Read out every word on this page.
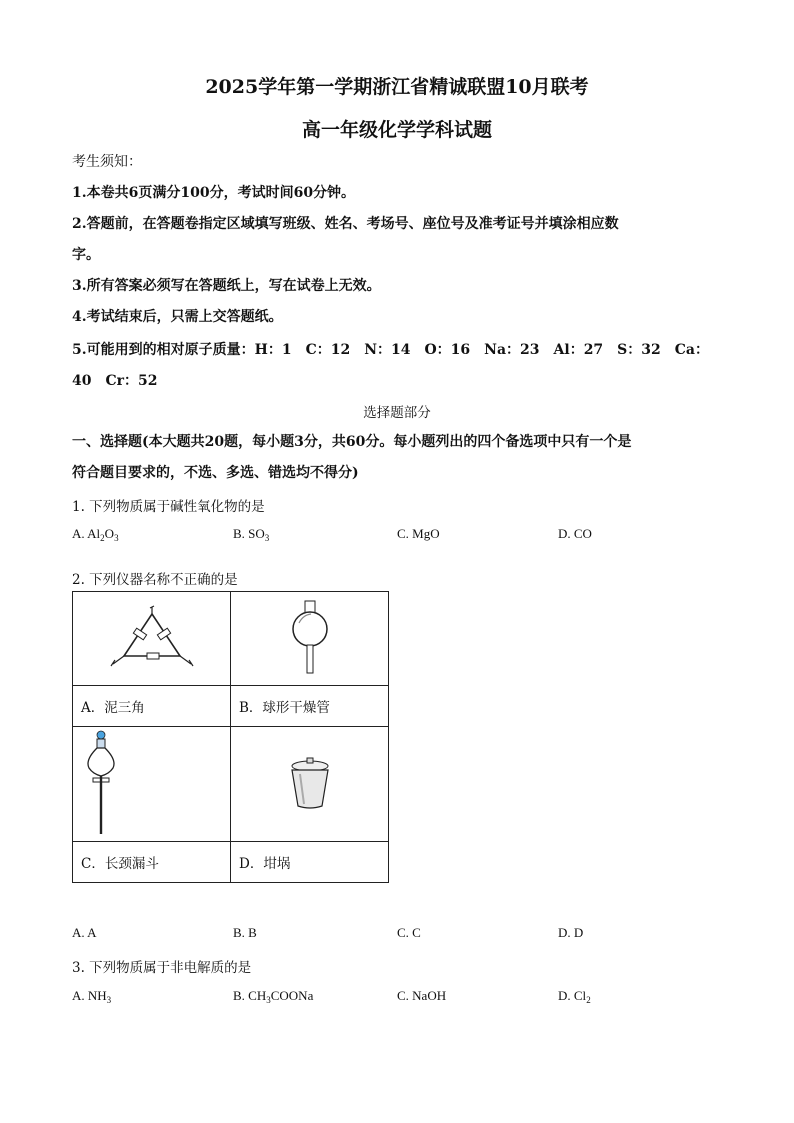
2025学年第一学期浙江省精诚联盟10月联考
高一年级化学学科试题
考生须知：
1.本卷共6页满分100分，考试时间60分钟。
2.答题前，在答题卷指定区域填写班级、姓名、考场号、座位号及准考证号并填涂相应数
字。
3.所有答案必须写在答题纸上，写在试卷上无效。
4.考试结束后，只需上交答题纸。
5.可能用到的相对原子质量：H：1　C：12　N：14　O：16　Na：23　Al：27　S：32　Ca：
40　Cr：52
选择题部分
一、选择题(本大题共20题，每小题3分，共60分。每小题列出的四个备选项中只有一个是
符合题目要求的，不选、多选、错选均不得分)
1. 下列物质属于碱性氧化物的是
A. $Al_2O_3$	B. $SO_3$	C. MgO	D. CO
2. 下列仪器名称不正确的是

A．泥三角	B．球形干燥管

C．长颈漏斗	D．坩埚
A. A	B. B	C. C	D. D
3. 下列物质属于非电解质的是
A. $NH_3$	B. $CH_3COONa$	C. NaOH	D. $Cl_2$
